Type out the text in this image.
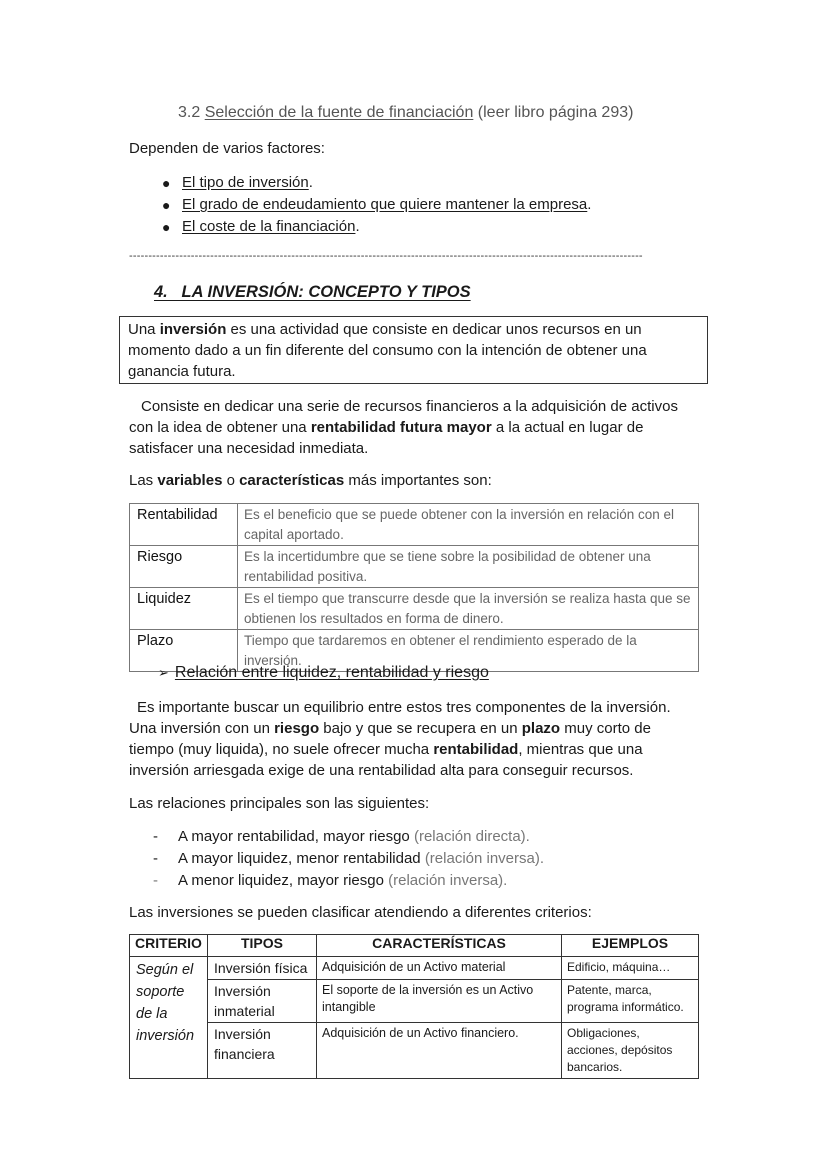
3.2 Selección de la fuente de financiación (leer libro página 293)
Dependen de varios factores:
● El tipo de inversión.
● El grado de endeudamiento que quiere mantener la empresa.
● El coste de la financiación.
-------------------------------------------------------------------------------------------------------------------------------------
4.   LA INVERSIÓN: CONCEPTO Y TIPOS
Una inversión es una actividad que consiste en dedicar unos recursos en un momento dado a un fin diferente del consumo con la intención de obtener una ganancia futura.
Consiste en dedicar una serie de recursos financieros a la adquisición de activos con la idea de obtener una rentabilidad futura mayor a la actual en lugar de satisfacer una necesidad inmediata.
Las variables o características más importantes son:
Rentabilidad	Es el beneficio que se puede obtener con la inversión en relación con el capital aportado.
Riesgo	Es la incertidumbre que se tiene sobre la posibilidad de obtener una rentabilidad positiva.
Liquidez	Es el tiempo que transcurre desde que la inversión se realiza hasta que se obtienen los resultados en forma de dinero.
Plazo	Tiempo que tardaremos en obtener el rendimiento esperado de la inversión.
➢ Relación entre liquidez, rentabilidad y riesgo
Es importante buscar un equilibrio entre estos tres componentes de la inversión. Una inversión con un riesgo bajo y que se recupera en un plazo muy corto de tiempo (muy liquida), no suele ofrecer mucha rentabilidad, mientras que una inversión arriesgada exige de una rentabilidad alta para conseguir recursos.
Las relaciones principales son las siguientes:
- A mayor rentabilidad, mayor riesgo (relación directa).
- A mayor liquidez, menor rentabilidad (relación inversa).
- A menor liquidez, mayor riesgo (relación inversa).
Las inversiones se pueden clasificar atendiendo a diferentes criterios:
CRITERIO	TIPOS	CARACTERÍSTICAS	EJEMPLOS
Según el soporte de la inversión	Inversión física	Adquisición de un Activo material	Edificio, máquina…
	Inversión inmaterial	El soporte de la inversión es un Activo intangible	Patente, marca, programa informático.
	Inversión financiera	Adquisición de un Activo financiero.	Obligaciones, acciones, depósitos bancarios.
